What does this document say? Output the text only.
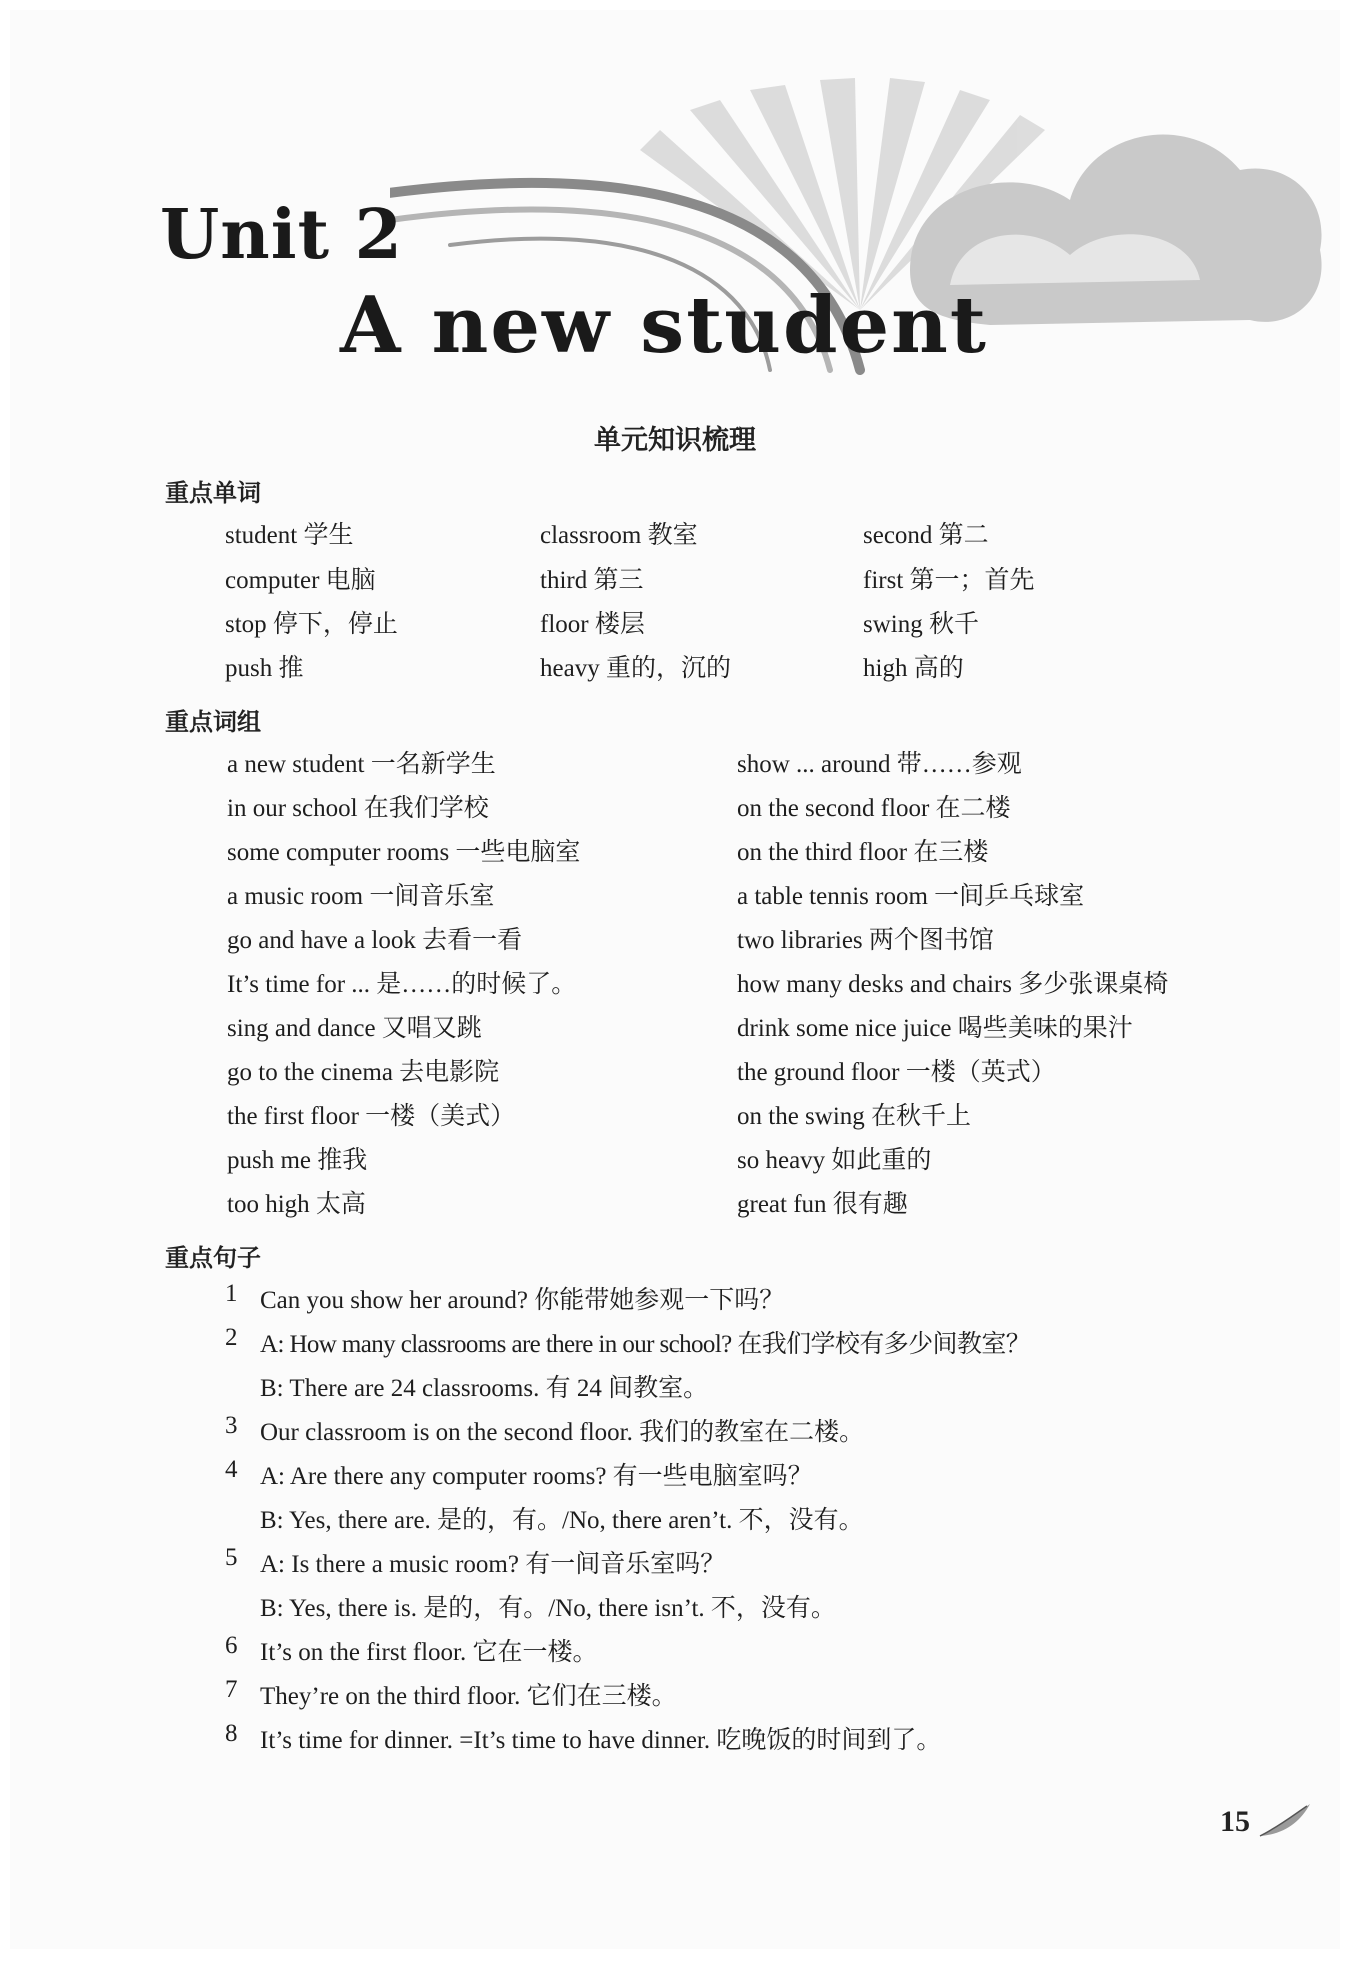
Unit 2
A new student
单元知识梳理
重点单词
student 学生	classroom 教室	second 第二
computer 电脑	third 第三	first 第一；首先
stop 停下，停止	floor 楼层	swing 秋千
push 推	heavy 重的，沉的	high 高的
重点词组
a new student 一名新学生	show ... around 带……参观
in our school 在我们学校	on the second floor 在二楼
some computer rooms 一些电脑室	on the third floor 在三楼
a music room 一间音乐室	a table tennis room 一间乒乓球室
go and have a look 去看一看	two libraries 两个图书馆
It’s time for ... 是……的时候了。	how many desks and chairs 多少张课桌椅
sing and dance 又唱又跳	drink some nice juice 喝些美味的果汁
go to the cinema 去电影院	the ground floor 一楼（英式）
the first floor 一楼（美式）	on the swing 在秋千上
push me 推我	so heavy 如此重的
too high 太高	great fun 很有趣
重点句子
1 Can you show her around? 你能带她参观一下吗？
2 A: How many classrooms are there in our school? 在我们学校有多少间教室？
B: There are 24 classrooms. 有 24 间教室。
3 Our classroom is on the second floor. 我们的教室在二楼。
4 A: Are there any computer rooms? 有一些电脑室吗？
B: Yes, there are. 是的，有。/No, there aren’t. 不，没有。
5 A: Is there a music room? 有一间音乐室吗？
B: Yes, there is. 是的，有。/No, there isn’t. 不，没有。
6 It’s on the first floor. 它在一楼。
7 They’re on the third floor. 它们在三楼。
8 It’s time for dinner. =It’s time to have dinner. 吃晚饭的时间到了。
15
